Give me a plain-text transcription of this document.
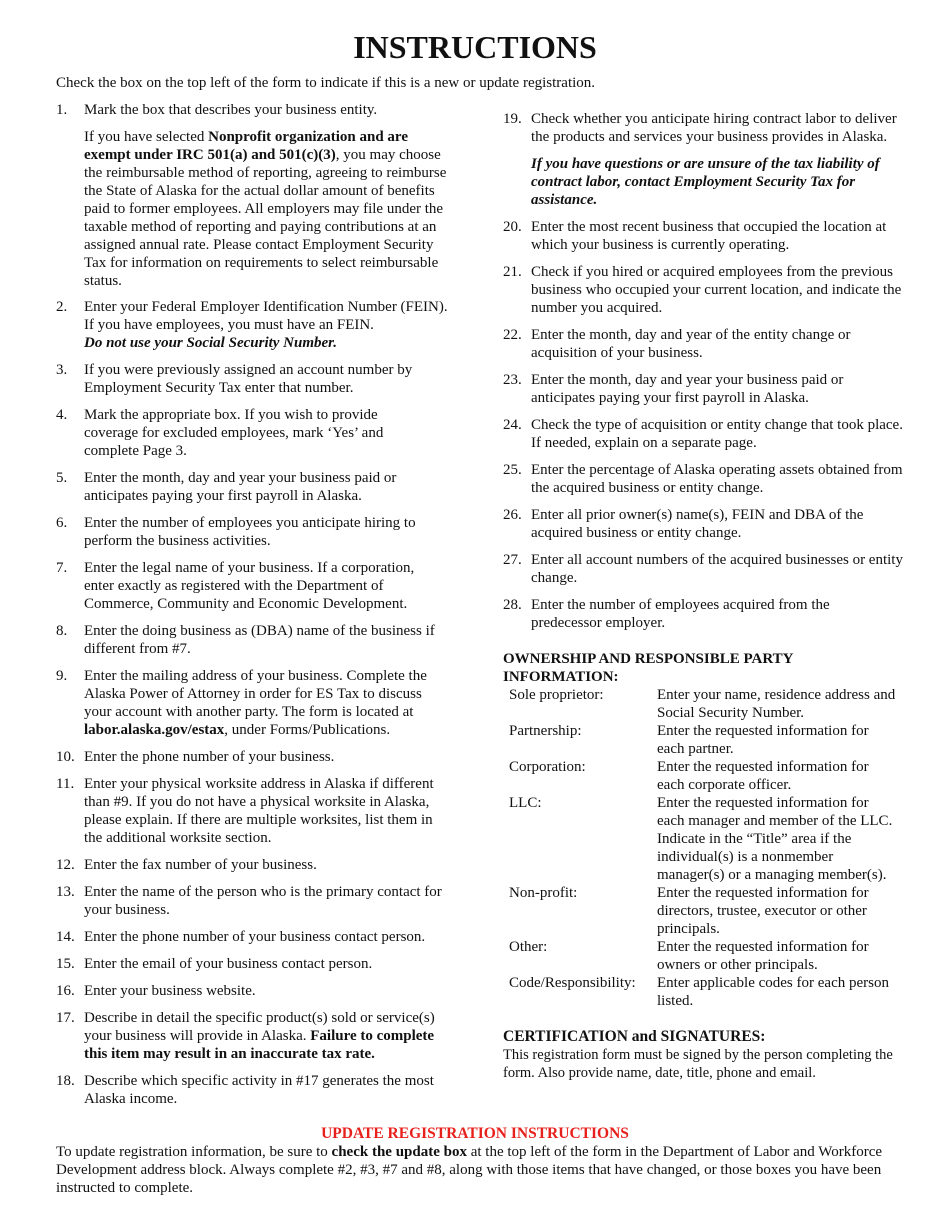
INSTRUCTIONS
Check the box on the top left of the form to indicate if this is a new or update registration.
1.	Mark the box that describes your business entity.

If you have selected Nonprofit organization and are exempt under IRC 501(a) and 501(c)(3), you may choose the reimbursable method of reporting, agreeing to reimburse the State of Alaska for the actual dollar amount of benefits paid to former employees. All employers may file under the taxable method of reporting and paying contributions at an assigned annual rate. Please contact Employment Security Tax for information on requirements to select reimbursable status.

2.	Enter your Federal Employer Identification Number (FEIN). If you have employees, you must have an FEIN.
Do not use your Social Security Number.
3.	If you were previously assigned an account number by Employment Security Tax enter that number.
4.	Mark the appropriate box. If you wish to provide coverage for excluded employees, mark ‘Yes’ and complete Page 3.
5.	Enter the month, day and year your business paid or anticipates paying your first payroll in Alaska.
6.	Enter the number of employees you anticipate hiring to perform the business activities.
7.	Enter the legal name of your business. If a corporation, enter exactly as registered with the Department of Commerce, Community and Economic Development.
8.	Enter the doing business as (DBA) name of the business if different from #7.
9.	Enter the mailing address of your business. Complete the Alaska Power of Attorney in order for ES Tax to discuss your account with another party. The form is located at labor.alaska.gov/estax, under Forms/Publications.
10. Enter the phone number of your business.
11. Enter your physical worksite address in Alaska if different than #9. If you do not have a physical worksite in Alaska, please explain. If there are multiple worksites, list them in the additional worksite section.
12. Enter the fax number of your business.
13. Enter the name of the person who is the primary contact for your business.
14. Enter the phone number of your business contact person.
15. Enter the email of your business contact person.
16. Enter your business website.
17. Describe in detail the specific product(s) sold or service(s) your business will provide in Alaska. Failure to complete this item may result in an inaccurate tax rate.
18. Describe which specific activity in #17 generates the most Alaska income.
19. Check whether you anticipate hiring contract labor to deliver the products and services your business provides in Alaska.

If you have questions or are unsure of the tax liability of contract labor, contact Employment Security Tax for assistance.

20. Enter the most recent business that occupied the location at which your business is currently operating.
21. Check if you hired or acquired employees from the previous business who occupied your current location, and indicate the number you acquired.
22. Enter the month, day and year of the entity change or acquisition of your business.
23. Enter the month, day and year your business paid or anticipates paying your first payroll in Alaska.
24. Check the type of acquisition or entity change that took place. If needed, explain on a separate page.
25. Enter the percentage of Alaska operating assets obtained from the acquired business or entity change.
26. Enter all prior owner(s) name(s), FEIN and DBA of the acquired business or entity change.
27. Enter all account numbers of the acquired businesses or entity change.
28. Enter the number of employees acquired from the predecessor employer.
OWNERSHIP AND RESPONSIBLE PARTY INFORMATION:
Sole proprietor:	Enter your name, residence address and Social Security Number.
Partnership:	Enter the requested information for each partner.
Corporation:	Enter the requested information for each corporate officer.
LLC:	Enter the requested information for each manager and member of the LLC. Indicate in the “Title” area if the individual(s) is a nonmember manager(s) or a managing member(s).
Non-profit:	Enter the requested information for directors, trustee, executor or other principals.
Other:	Enter the requested information for owners or other principals.
Code/Responsibility:	Enter applicable codes for each person listed.
CERTIFICATION and SIGNATURES:
This registration form must be signed by the person completing the form. Also provide name, date, title, phone and email.
UPDATE REGISTRATION INSTRUCTIONS
To update registration information, be sure to check the update box at the top left of the form in the Department of Labor and Workforce Development address block. Always complete #2, #3, #7 and #8, along with those items that have changed, or those boxes you have been instructed to complete.
